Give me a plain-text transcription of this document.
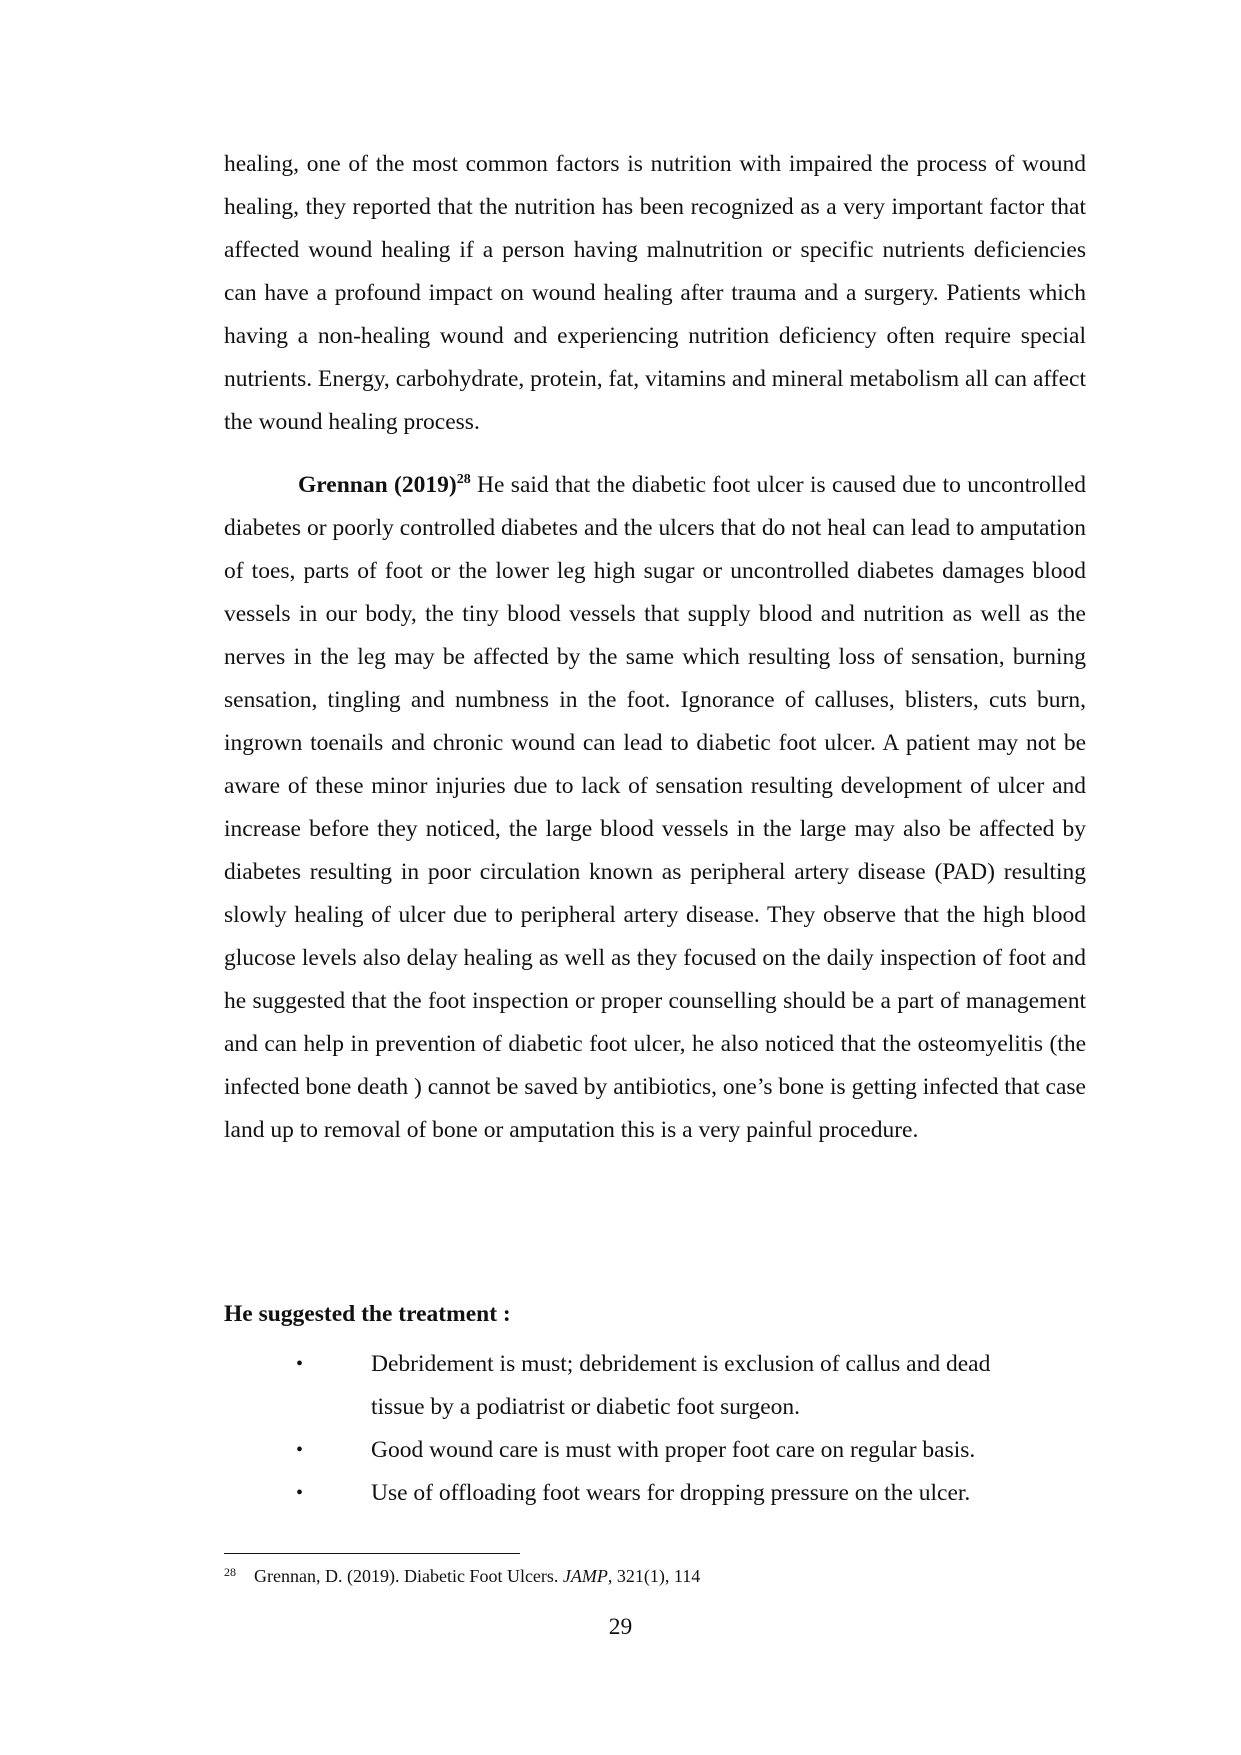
healing, one of the most common factors is nutrition with impaired the process of wound healing, they reported that the nutrition has been recognized as a very important factor that affected wound healing if a person having malnutrition or specific nutrients deficiencies can have a profound impact on wound healing after trauma and a surgery. Patients which having a non-healing wound and experiencing nutrition deficiency often require special nutrients. Energy, carbohydrate, protein, fat, vitamins and mineral metabolism all can affect the wound healing process.

Grennan (2019)$^{28}$ He said that the diabetic foot ulcer is caused due to uncontrolled diabetes or poorly controlled diabetes and the ulcers that do not heal can lead to amputation of toes, parts of foot or the lower leg high sugar or uncontrolled diabetes damages blood vessels in our body, the tiny blood vessels that supply blood and nutrition as well as the nerves in the leg may be affected by the same which resulting loss of sensation, burning sensation, tingling and numbness in the foot. Ignorance of calluses, blisters, cuts burn, ingrown toenails and chronic wound can lead to diabetic foot ulcer. A patient may not be aware of these minor injuries due to lack of sensation resulting development of ulcer and increase before they noticed, the large blood vessels in the large may also be affected by diabetes resulting in poor circulation known as peripheral artery disease (PAD) resulting slowly healing of ulcer due to peripheral artery disease. They observe that the high blood glucose levels also delay healing as well as they focused on the daily inspection of foot and he suggested that the foot inspection or proper counselling should be a part of management and can help in prevention of diabetic foot ulcer, he also noticed that the osteomyelitis (the infected bone death ) cannot be saved by antibiotics, one’s bone is getting infected that case land up to removal of bone or amputation this is a very painful procedure.

He suggested the treatment :
•	Debridement is must; debridement is exclusion of callus and dead tissue by a podiatrist or diabetic foot surgeon.
•	Good wound care is must with proper foot care on regular basis.
•	Use of offloading foot wears for dropping pressure on the ulcer.
$^{28}$ Grennan, D. (2019). Diabetic Foot Ulcers. JAMP, 321(1), 114
29
